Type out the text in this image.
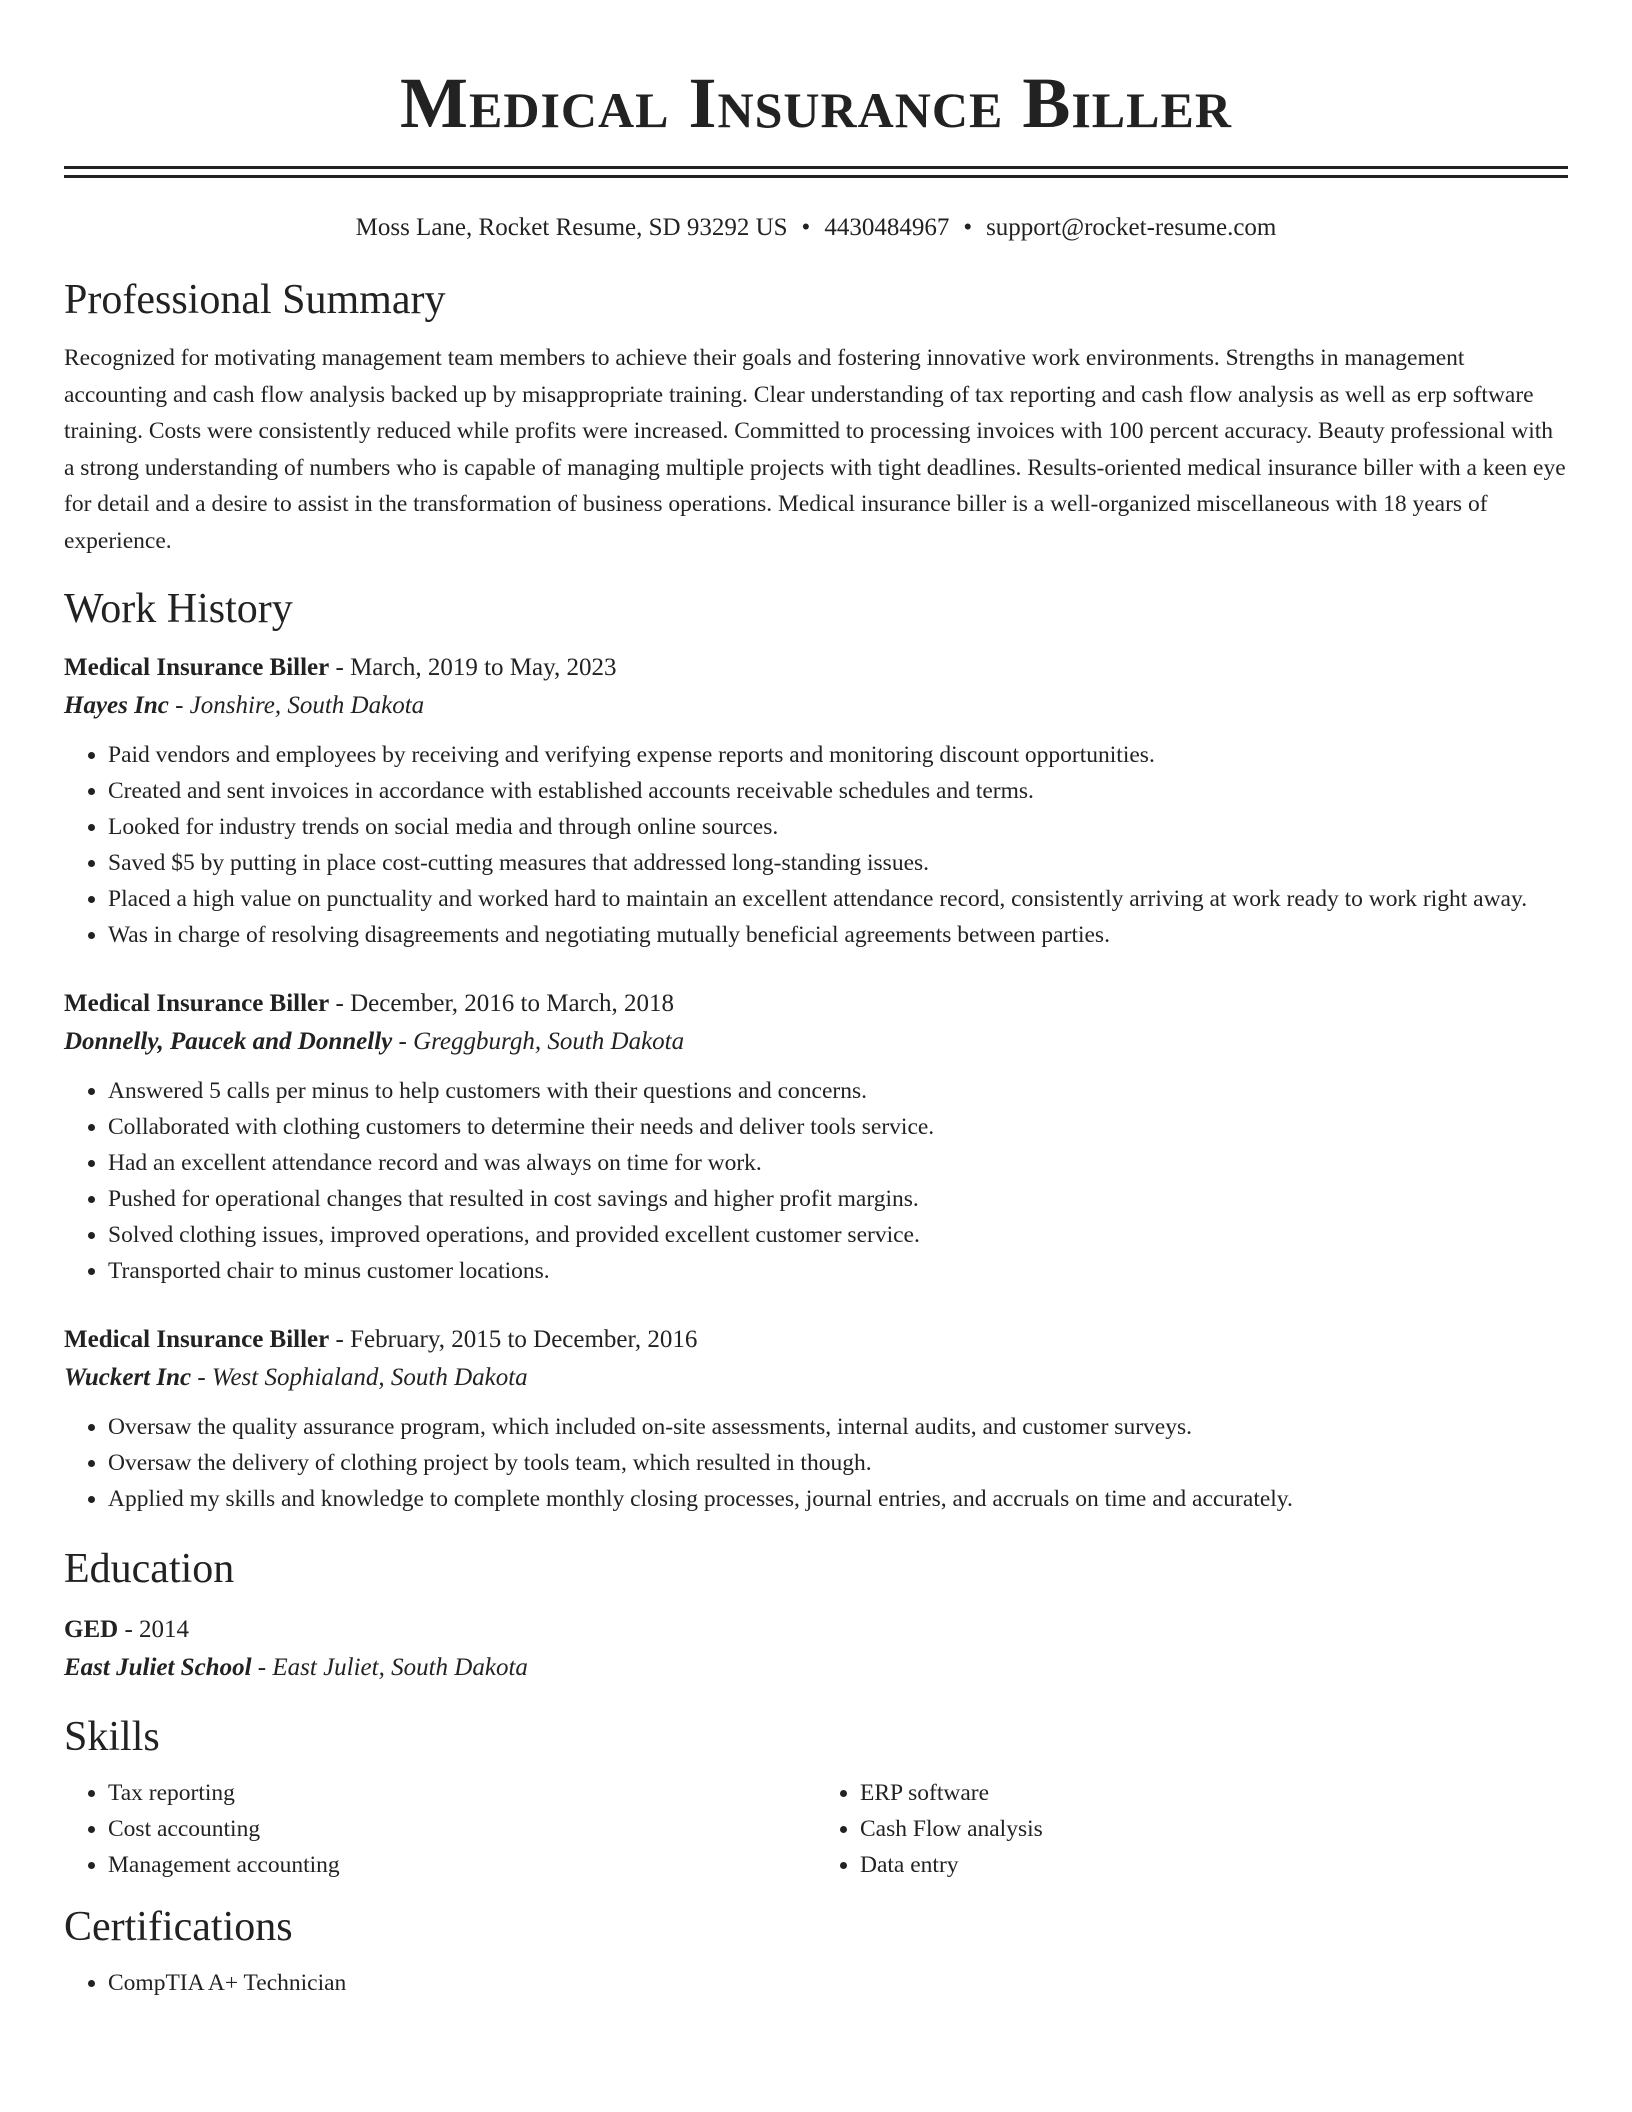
Medical Insurance Biller
Moss Lane, Rocket Resume, SD 93292 US • 4430484967 • support@rocket-resume.com
Professional Summary
Recognized for motivating management team members to achieve their goals and fostering innovative work environments. Strengths in management accounting and cash flow analysis backed up by misappropriate training. Clear understanding of tax reporting and cash flow analysis as well as erp software training. Costs were consistently reduced while profits were increased. Committed to processing invoices with 100 percent accuracy. Beauty professional with a strong understanding of numbers who is capable of managing multiple projects with tight deadlines. Results-oriented medical insurance biller with a keen eye for detail and a desire to assist in the transformation of business operations. Medical insurance biller is a well-organized miscellaneous with 18 years of experience.
Work History
Medical Insurance Biller - March, 2019 to May, 2023
Hayes Inc - Jonshire, South Dakota
• Paid vendors and employees by receiving and verifying expense reports and monitoring discount opportunities.
• Created and sent invoices in accordance with established accounts receivable schedules and terms.
• Looked for industry trends on social media and through online sources.
• Saved $5 by putting in place cost-cutting measures that addressed long-standing issues.
• Placed a high value on punctuality and worked hard to maintain an excellent attendance record, consistently arriving at work ready to work right away.
• Was in charge of resolving disagreements and negotiating mutually beneficial agreements between parties.
Medical Insurance Biller - December, 2016 to March, 2018
Donnelly, Paucek and Donnelly - Greggburgh, South Dakota
• Answered 5 calls per minus to help customers with their questions and concerns.
• Collaborated with clothing customers to determine their needs and deliver tools service.
• Had an excellent attendance record and was always on time for work.
• Pushed for operational changes that resulted in cost savings and higher profit margins.
• Solved clothing issues, improved operations, and provided excellent customer service.
• Transported chair to minus customer locations.
Medical Insurance Biller - February, 2015 to December, 2016
Wuckert Inc - West Sophialand, South Dakota
• Oversaw the quality assurance program, which included on-site assessments, internal audits, and customer surveys.
• Oversaw the delivery of clothing project by tools team, which resulted in though.
• Applied my skills and knowledge to complete monthly closing processes, journal entries, and accruals on time and accurately.
Education
GED - 2014
East Juliet School - East Juliet, South Dakota
Skills
• Tax reporting
• Cost accounting
• Management accounting
• ERP software
• Cash Flow analysis
• Data entry
Certifications
• CompTIA A+ Technician
